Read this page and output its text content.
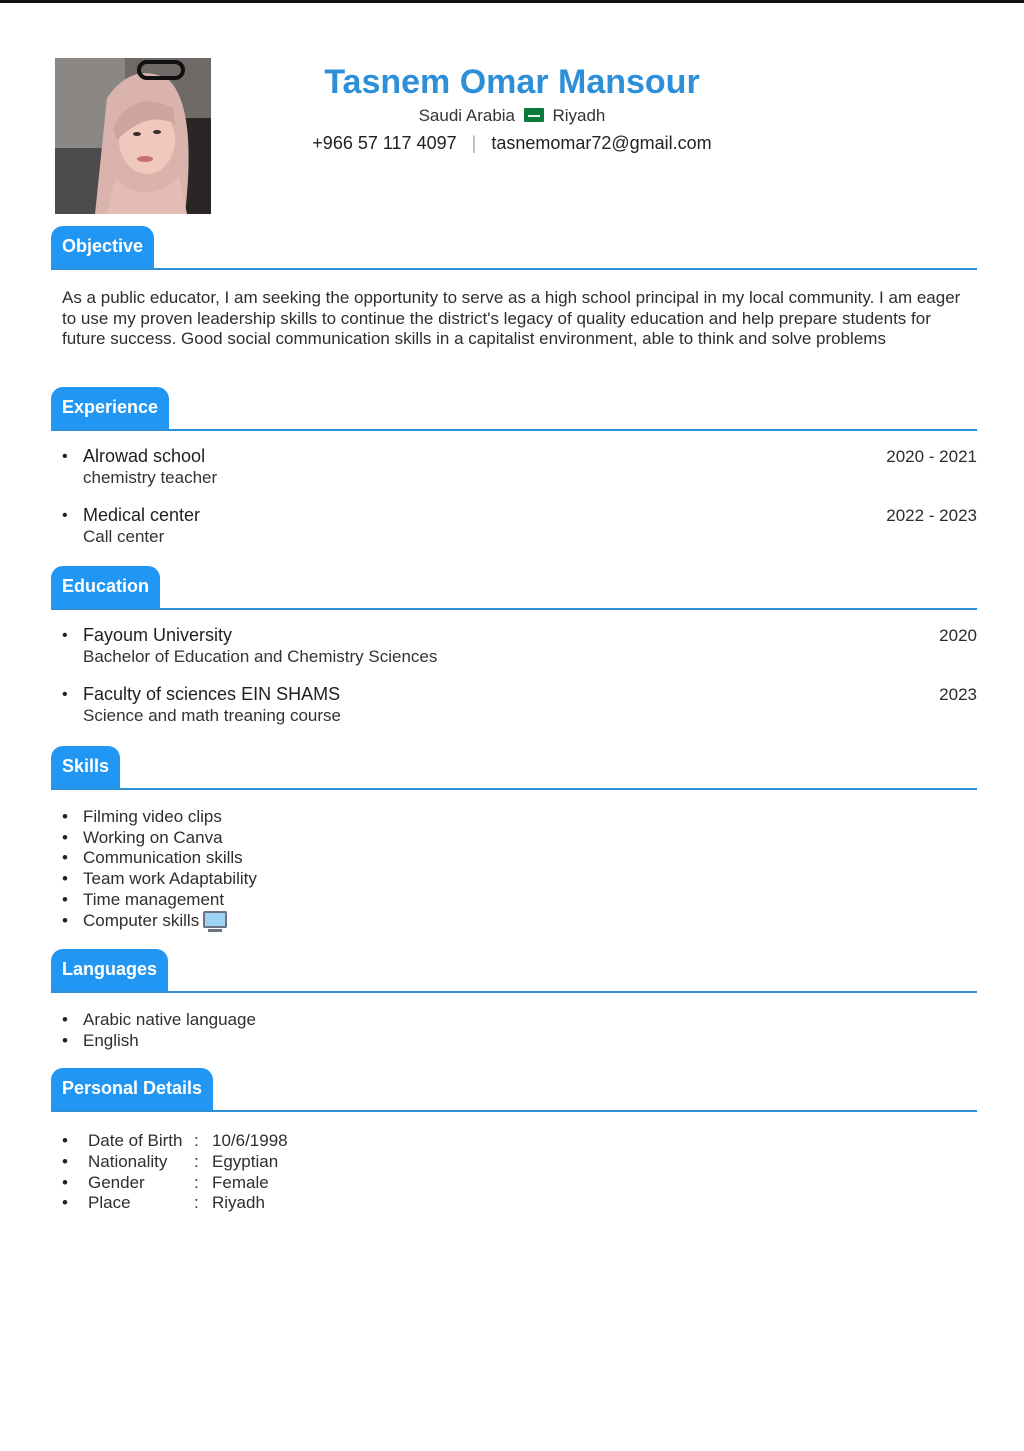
Tasnem Omar Mansour
Saudi Arabia Riyadh
+966 57 117 4097 | tasnemomar72@gmail.com
Objective
As a public educator, I am seeking the opportunity to serve as a high school principal in my local community. I am eager to use my proven leadership skills to continue the district's legacy of quality education and help prepare students for future success. Good social communication skills in a capitalist environment, able to think and solve problems
Experience
• Alrowad school
chemistry teacher
2020 - 2021
• Medical center
Call center
2022 - 2023
Education
• Fayoum University
Bachelor of Education and Chemistry Sciences
2020
• Faculty of sciences EIN SHAMS
Science and math treaning course
2023
Skills
• Filming video clips
• Working on Canva
• Communication skills
• Team work Adaptability
• Time management
• Computer skills
Languages
• Arabic native language
• English
Personal Details
• Date of Birth : 10/6/1998
• Nationality	: Egyptian
• Gender	: Female
• Place	: Riyadh
